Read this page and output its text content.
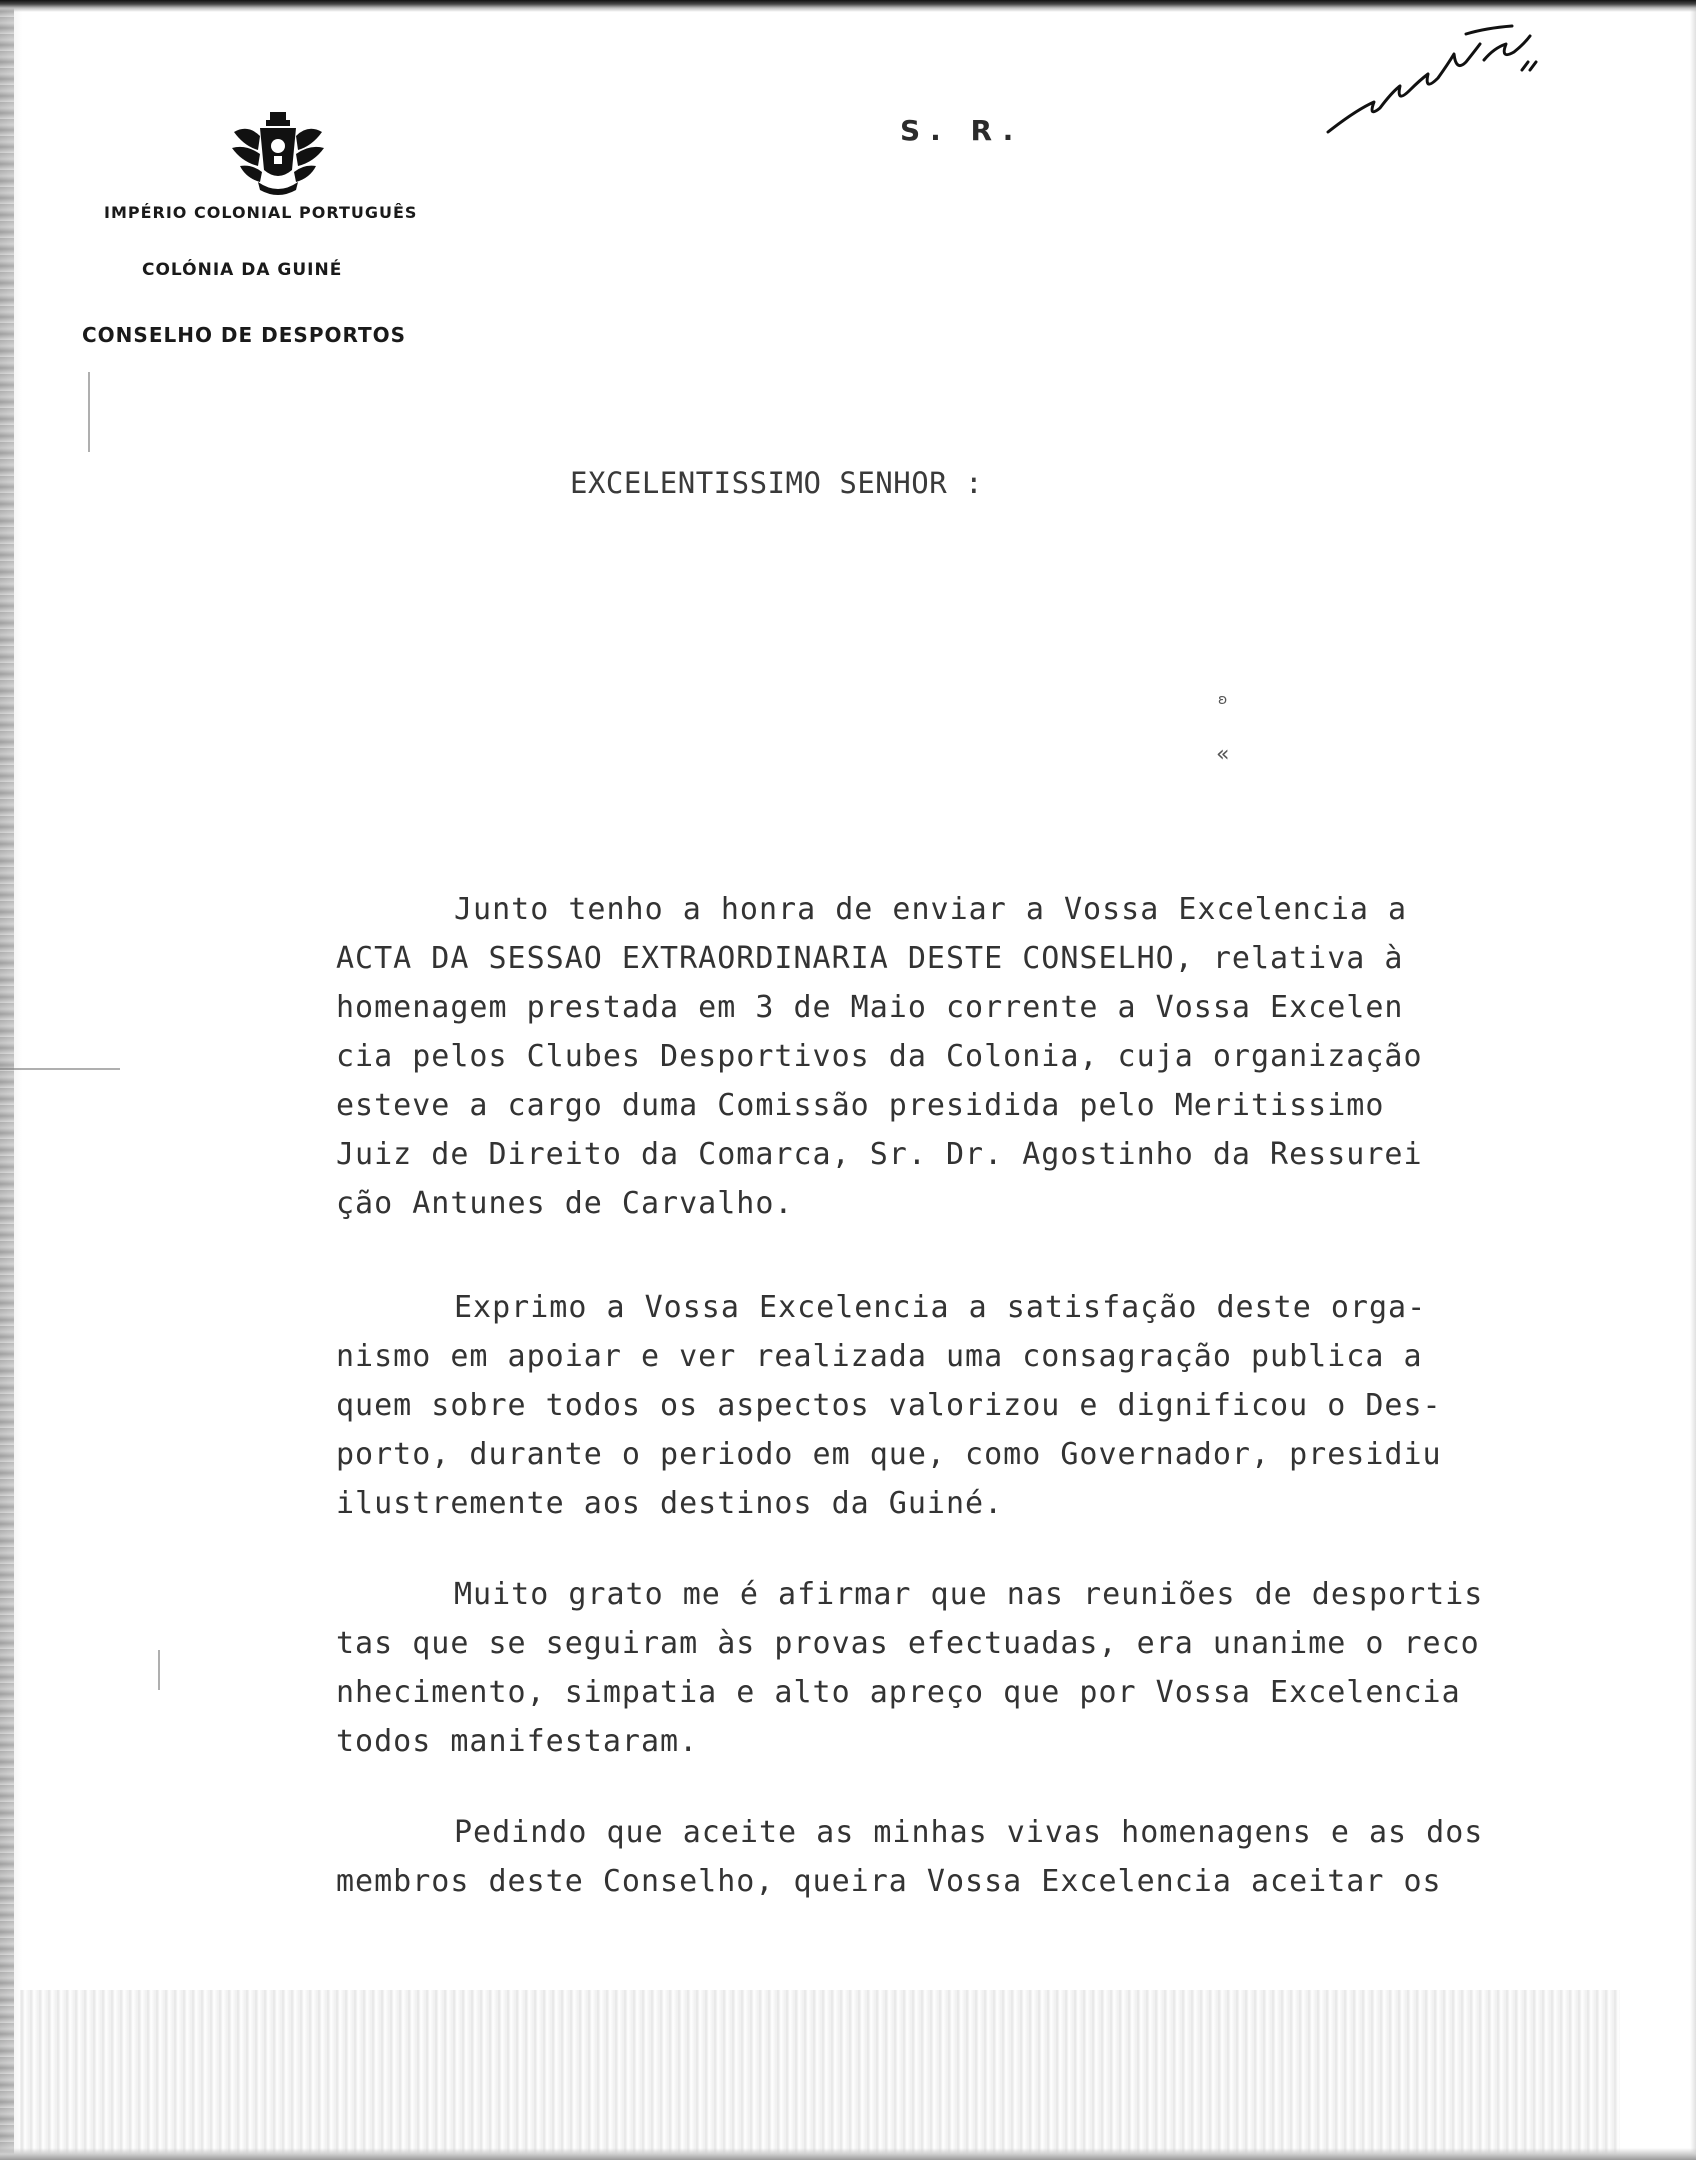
IMPÉRIO COLONIAL PORTUGUÊS
COLÓNIA DA GUINÉ
CONSELHO DE DESPORTOS
S. R.
EXCELENTISSIMO SENHOR :
ʚ
«
Junto tenho a honra de enviar a Vossa Excelencia a
ACTA DA SESSAO EXTRAORDINARIA DESTE CONSELHO, relativa à
homenagem prestada em 3 de Maio corrente a Vossa Excelen
cia pelos Clubes Desportivos da Colonia, cuja organização
esteve a cargo duma Comissão presidida pelo Meritissimo
Juiz de Direito da Comarca, Sr. Dr. Agostinho da Ressurei
ção Antunes de Carvalho.
Exprimo a Vossa Excelencia a satisfação deste orga-
nismo em apoiar e ver realizada uma consagração publica a
quem sobre todos os aspectos valorizou e dignificou o Des-
porto, durante o periodo em que, como Governador, presidiu
ilustremente aos destinos da Guiné.
Muito grato me é afirmar que nas reuniões de desportis
tas que se seguiram às provas efectuadas, era unanime o reco
nhecimento, simpatia e alto apreço que por Vossa Excelencia
todos manifestaram.
Pedindo que aceite as minhas vivas homenagens e as dos
membros deste Conselho, queira Vossa Excelencia aceitar os
